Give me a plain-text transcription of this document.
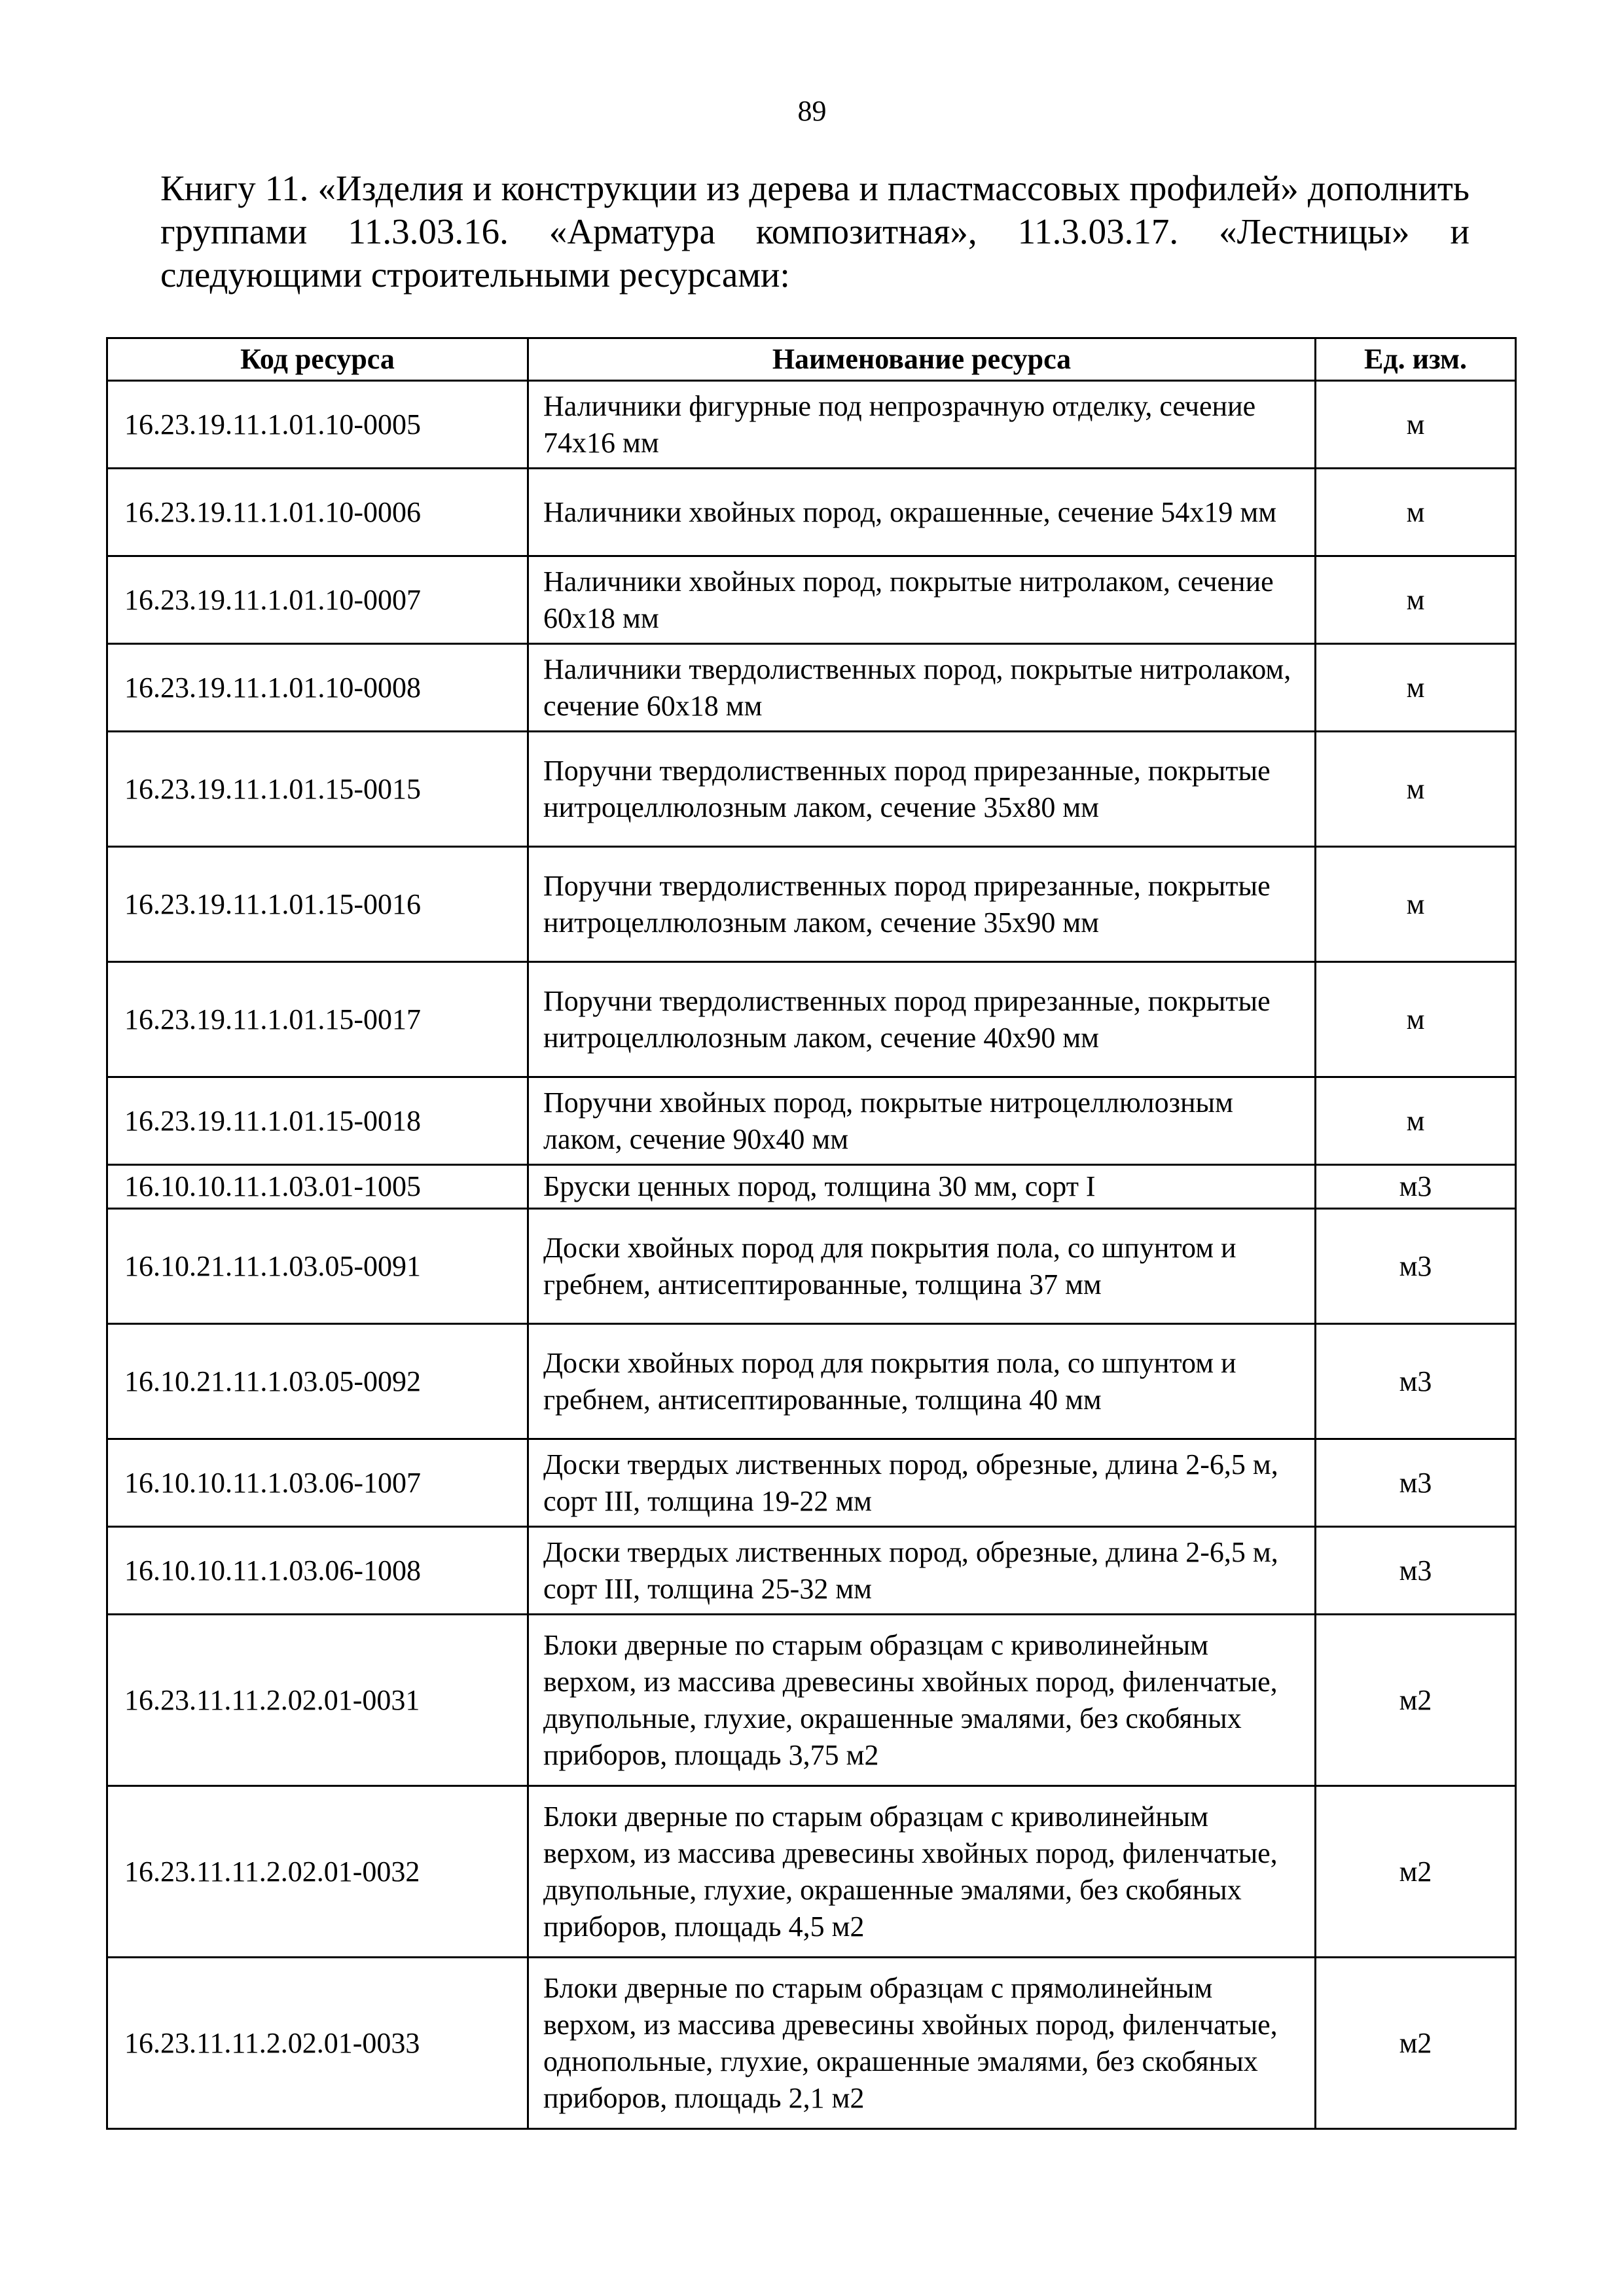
89

Книгу 11. «Изделия и конструкции из дерева и пластмассовых профилей» дополнить группами 11.3.03.16. «Арматура композитная», 11.3.03.17. «Лестницы» и следующими строительными ресурсами:

Код ресурса	Наименование ресурса	Ед. изм.
16.23.19.11.1.01.10-0005	Наличники фигурные под непрозрачную отделку, сечение 74х16 мм	м
16.23.19.11.1.01.10-0006	Наличники хвойных пород, окрашенные, сечение 54х19 мм	м
16.23.19.11.1.01.10-0007	Наличники хвойных пород, покрытые нитролаком, сечение 60х18 мм	м
16.23.19.11.1.01.10-0008	Наличники твердолиственных пород, покрытые нитролаком, сечение 60х18 мм	м
16.23.19.11.1.01.15-0015	Поручни твердолиственных пород прирезанные, покрытые нитроцеллюлозным лаком, сечение 35х80 мм	м
16.23.19.11.1.01.15-0016	Поручни твердолиственных пород прирезанные, покрытые нитроцеллюлозным лаком, сечение 35х90 мм	м
16.23.19.11.1.01.15-0017	Поручни твердолиственных пород прирезанные, покрытые нитроцеллюлозным лаком, сечение 40х90 мм	м
16.23.19.11.1.01.15-0018	Поручни хвойных пород, покрытые нитроцеллюлозным лаком, сечение 90х40 мм	м
16.10.10.11.1.03.01-1005	Бруски ценных пород, толщина 30 мм, сорт I	м3
16.10.21.11.1.03.05-0091	Доски хвойных пород для покрытия пола, со шпунтом и гребнем, антисептированные, толщина 37 мм	м3
16.10.21.11.1.03.05-0092	Доски хвойных пород для покрытия пола, со шпунтом и гребнем, антисептированные, толщина 40 мм	м3
16.10.10.11.1.03.06-1007	Доски твердых лиственных пород, обрезные, длина 2-6,5 м, сорт III, толщина 19-22 мм	м3
16.10.10.11.1.03.06-1008	Доски твердых лиственных пород, обрезные, длина 2-6,5 м, сорт III, толщина 25-32 мм	м3
16.23.11.11.2.02.01-0031	Блоки дверные по старым образцам с криволинейным верхом, из массива древесины хвойных пород, филенчатые, двупольные, глухие, окрашенные эмалями, без скобяных приборов, площадь 3,75 м2	м2
16.23.11.11.2.02.01-0032	Блоки дверные по старым образцам с криволинейным верхом, из массива древесины хвойных пород, филенчатые, двупольные, глухие, окрашенные эмалями, без скобяных приборов, площадь 4,5 м2	м2
16.23.11.11.2.02.01-0033	Блоки дверные по старым образцам с прямолинейным верхом, из массива древесины хвойных пород, филенчатые, однопольные, глухие, окрашенные эмалями, без скобяных приборов, площадь 2,1 м2	м2
